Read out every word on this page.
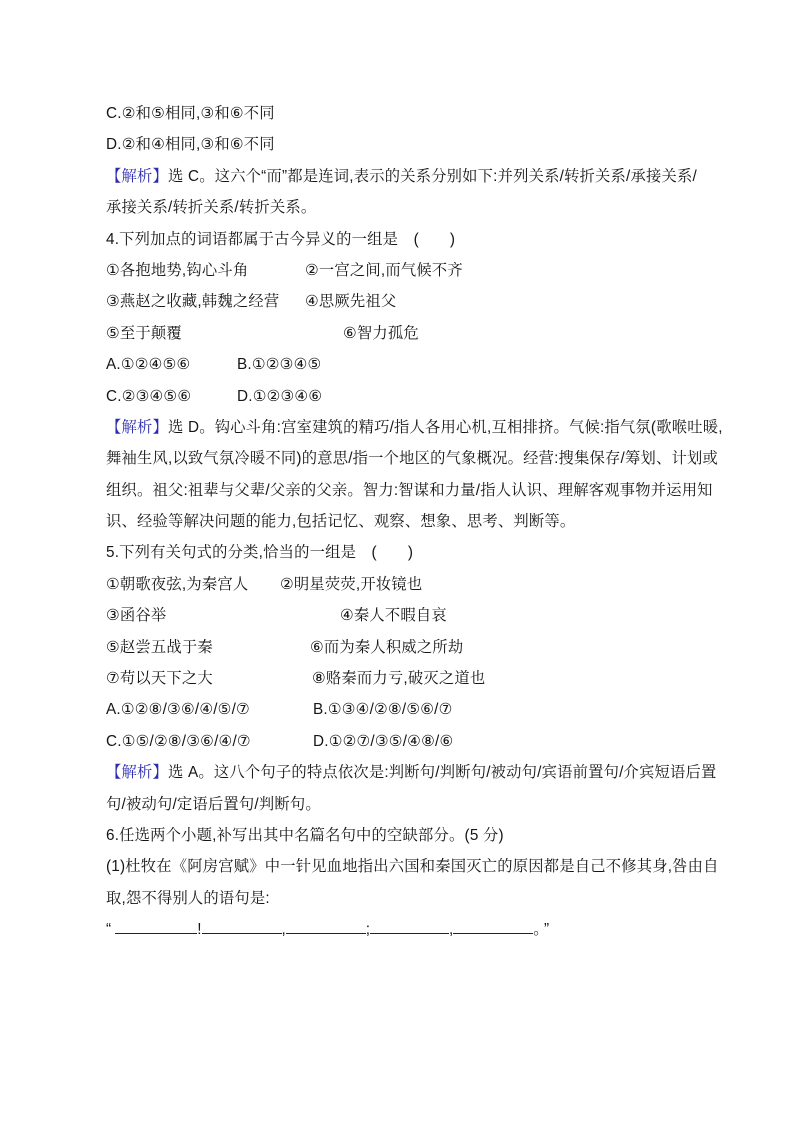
C.②和⑤相同,③和⑥不同
D.②和④相同,③和⑥不同
【解析】选 C。这六个“而”都是连词,表示的关系分别如下:并列关系/转折关系/承接关系/
承接关系/转折关系/转折关系。
4.下列加点的词语都属于古今异义的一组是　(　　)
①各抱地势,钩心斗角	②一宫之间,而气候不齐
③燕赵之收藏,韩魏之经营 ④思厥先祖父
⑤至于颠覆	⑥智力孤危
A.①②④⑤⑥	B.①②③④⑤
C.②③④⑤⑥	D.①②③④⑥
【解析】选 D。钩心斗角:宫室建筑的精巧/指人各用心机,互相排挤。气候:指气氛(歌喉吐暖,
舞袖生风,以致气氛冷暖不同)的意思/指一个地区的气象概况。经营:搜集保存/筹划、计划或
组织。祖父:祖辈与父辈/父亲的父亲。智力:智谋和力量/指人认识、理解客观事物并运用知
识、经验等解决问题的能力,包括记忆、观察、想象、思考、判断等。
5.下列有关句式的分类,恰当的一组是　(　　)
①朝歌夜弦,为秦宫人 ②明星荧荧,开妆镜也
③函谷举	④秦人不暇自哀
⑤赵尝五战于秦	⑥而为秦人积威之所劫
⑦苟以天下之大	⑧赂秦而力亏,破灭之道也
A.①②⑧/③⑥/④/⑤/⑦	B.①③④/②⑧/⑤⑥/⑦
C.①⑤/②⑧/③⑥/④/⑦	D.①②⑦/③⑤/④⑧/⑥
【解析】选 A。这八个句子的特点依次是:判断句/判断句/被动句/宾语前置句/介宾短语后置
句/被动句/定语后置句/判断句。
6.任选两个小题,补写出其中名篇名句中的空缺部分。(5 分)
(1)杜牧在《阿房宫赋》中一针见血地指出六国和秦国灭亡的原因都是自己不修其身,咎由自
取,怨不得别人的语句是:
“	!	,	;	,	。 ”
